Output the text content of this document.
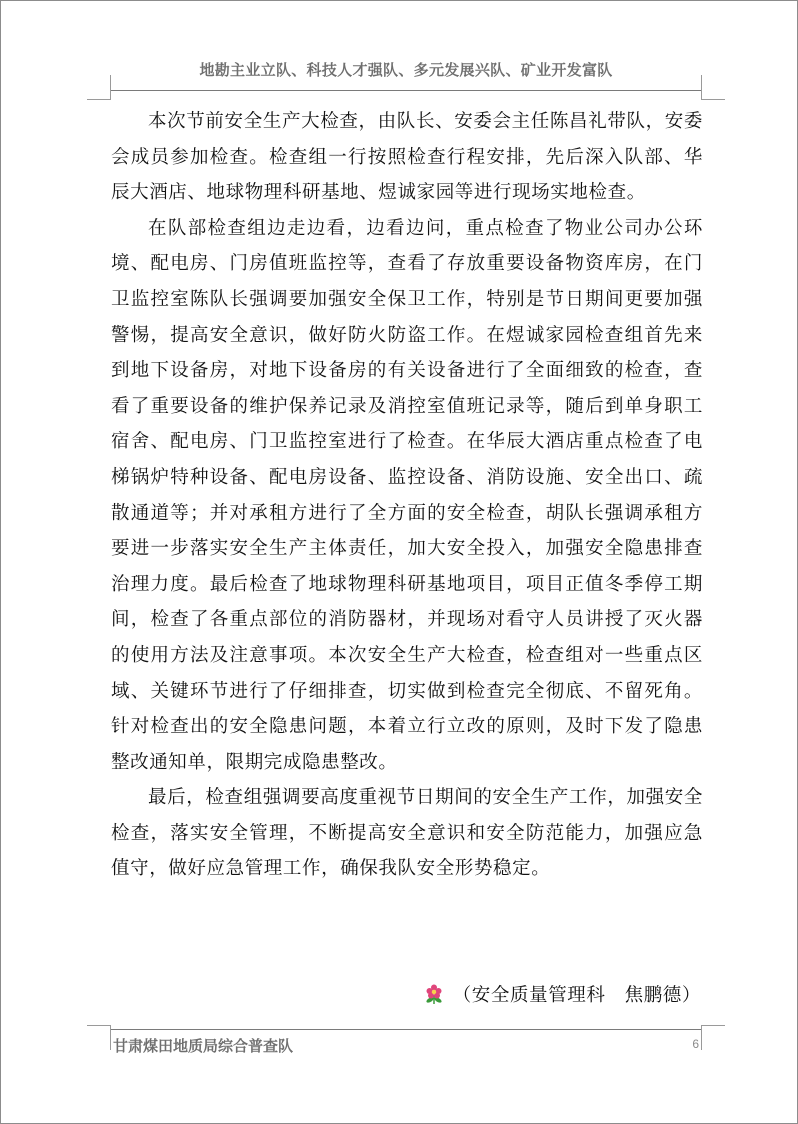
地勘主业立队、科技人才强队、多元发展兴队、矿业开发富队

本次节前安全生产大检查，由队长、安委会主任陈昌礼带队，安委会成员参加检查。检查组一行按照检查行程安排，先后深入队部、华辰大酒店、地球物理科研基地、煜诚家园等进行现场实地检查。

在队部检查组边走边看，边看边问，重点检查了物业公司办公环境、配电房、门房值班监控等，查看了存放重要设备物资库房，在门卫监控室陈队长强调要加强安全保卫工作，特别是节日期间更要加强警惕，提高安全意识，做好防火防盗工作。在煜诚家园检查组首先来到地下设备房，对地下设备房的有关设备进行了全面细致的检查，查看了重要设备的维护保养记录及消控室值班记录等，随后到单身职工宿舍、配电房、门卫监控室进行了检查。在华辰大酒店重点检查了电梯锅炉特种设备、配电房设备、监控设备、消防设施、安全出口、疏散通道等；并对承租方进行了全方面的安全检查，胡队长强调承租方要进一步落实安全生产主体责任，加大安全投入，加强安全隐患排查治理力度。最后检查了地球物理科研基地项目，项目正值冬季停工期间，检查了各重点部位的消防器材，并现场对看守人员讲授了灭火器的使用方法及注意事项。本次安全生产大检查，检查组对一些重点区域、关键环节进行了仔细排查，切实做到检查完全彻底、不留死角。针对检查出的安全隐患问题，本着立行立改的原则，及时下发了隐患整改通知单，限期完成隐患整改。

最后，检查组强调要高度重视节日期间的安全生产工作，加强安全检查，落实安全管理，不断提高安全意识和安全防范能力，加强应急值守，做好应急管理工作，确保我队安全形势稳定。

（安全质量管理科　焦鹏德）
甘肃煤田地质局综合普查队	6
